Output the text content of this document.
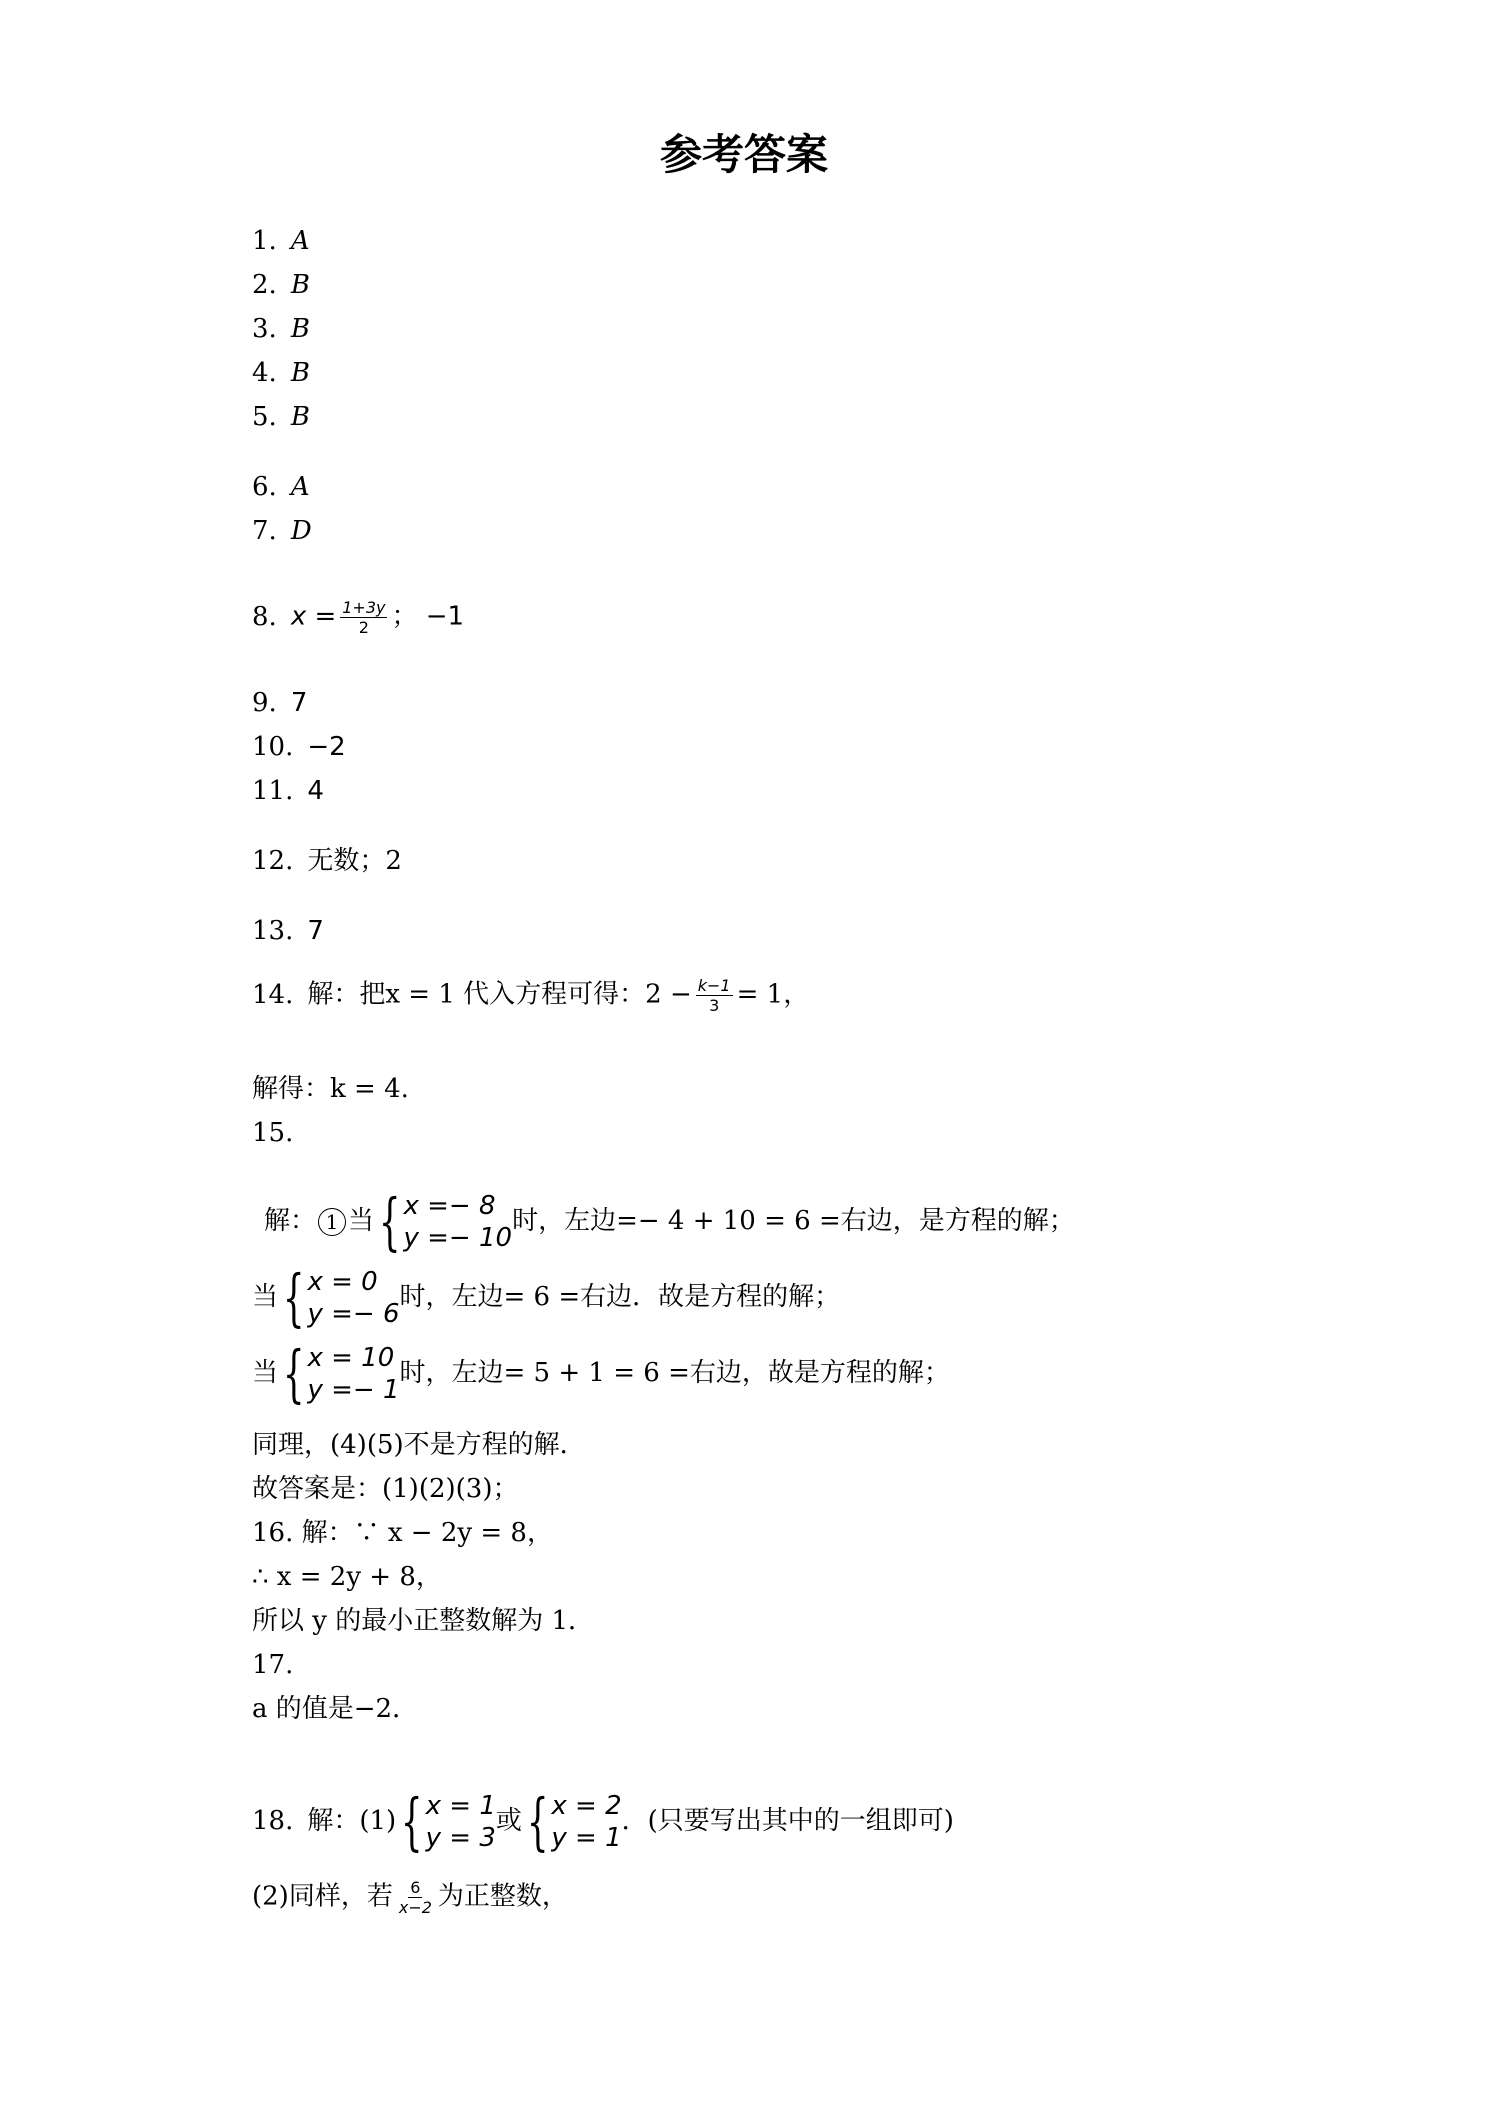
参考答案
1. A
2. B
3. B
4. B
5. B
6. A
7. D
8. $x = \frac{1+3y}{2}$ ； −1
9. 7
10. −2
11. 4
12. 无数；2
13. 7
14. 解：把x = 1 代入方程可得：$2 - \frac{k-1}{3} = 1$，
解得：k = 4.
15.
解： 1 当 { x =− 8
y =− 10
时，左边=− 4 + 10 = 6 =右边，是方程的解；
当 { x = 0
y =− 6
时，左边= 6 =右边．故是方程的解；
当 { x = 10
y =− 1
时，左边= 5 + 1 = 6 =右边，故是方程的解；
同理，(4)(5)不是方程的解．
故答案是：(1)(2)(3)；
16. 解：∵ x − 2y = 8，
∴ x = 2y + 8，
所以 y 的最小正整数解为 1．
17.
a 的值是−2．
18. 解：(1) { x = 1
y = 3
或 { x = 2
y = 1
．(只要写出其中的一组即可)
(2)同样，若 $\frac{6}{x-2}$ 为正整数，
